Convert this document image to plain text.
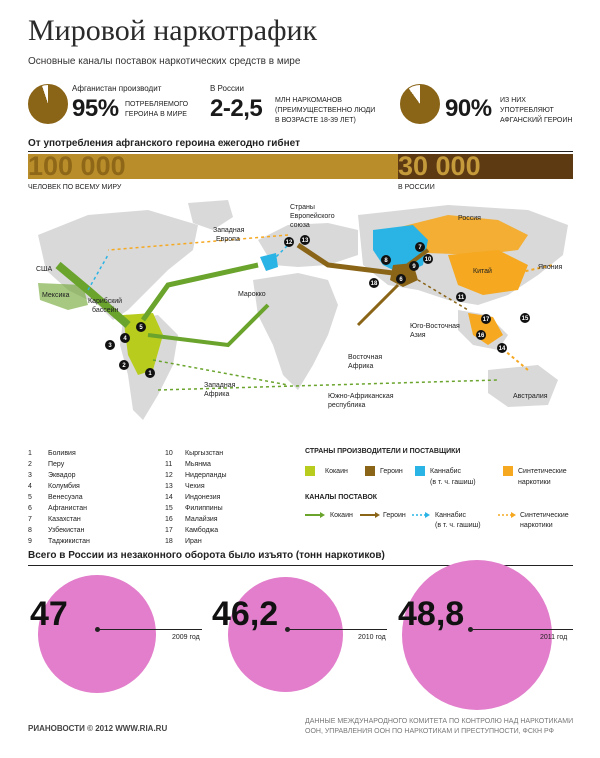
Мировой наркотрафик
Основные каналы поставок наркотических средств в мире
Афганистан производит
95% ПОТРЕБЛЯЕМОГО
ГЕРОИНА В МИРЕ
В России
2-2,5 МЛН НАРКОМАНОВ
(ПРЕИМУЩЕСТВЕННО ЛЮДИ
В ВОЗРАСТЕ 18-39 ЛЕТ)	90% ИЗ НИХ
УПОТРЕБЛЯЮТ
АФГАНСКИЙ ГЕРОИН
От употребления афганского героина ежегодно гибнет
100 000	30 000
ЧЕЛОВЕК ПО ВСЕМУ МИРУ	В РОССИИ
США
Мексика
Карибский
бассейн
Западная
Европа
Страны
Европейского
союза
Россия
Китай
Япония
Марокко
Западная
Африка
Восточная
Африка
Южно-Африканская
республика
Юго-Восточная
Азия
Австралия
1
2
3
4
5
6
7
8
9
10
11
12 13
14
15
16
17
18
1 Боливия
2 Перу
3 Эквадор
4 Колумбия
5 Венесуэла
6 Афганистан
7 Казахстан
8 Узбекистан
9 Таджикистан
10 Кыргызстан
11 Мьянма
12 Нидерланды
13 Чехия
14 Индонезия
15 Филиппины
16 Малайзия
17 Камбоджа
18 Иран
СТРАНЫ ПРОИЗВОДИТЕЛИ И ПОСТАВЩИКИ
Кокаин	Героин	Каннабис
(в т. ч. гашиш)
Синтетические
наркотики
КАНАЛЫ ПОСТАВОК
Кокаин	Героин	Каннабис
(в т. ч. гашиш)
Синтетические
наркотики
Всего в России из незаконного оборота было изъято (тонн наркотиков)
47
2009 год
46,2
2010 год
48,8
2011 год
РИАНОВОСТИ © 2012 WWW.RIA.RU
ДАННЫЕ МЕЖДУНАРОДНОГО КОМИТЕТА ПО КОНТРОЛЮ НАД НАРКОТИКАМИ ООН, УПРАВЛЕНИЯ ООН ПО НАРКОТИКАМ И ПРЕСТУПНОСТИ, ФСКН РФ
